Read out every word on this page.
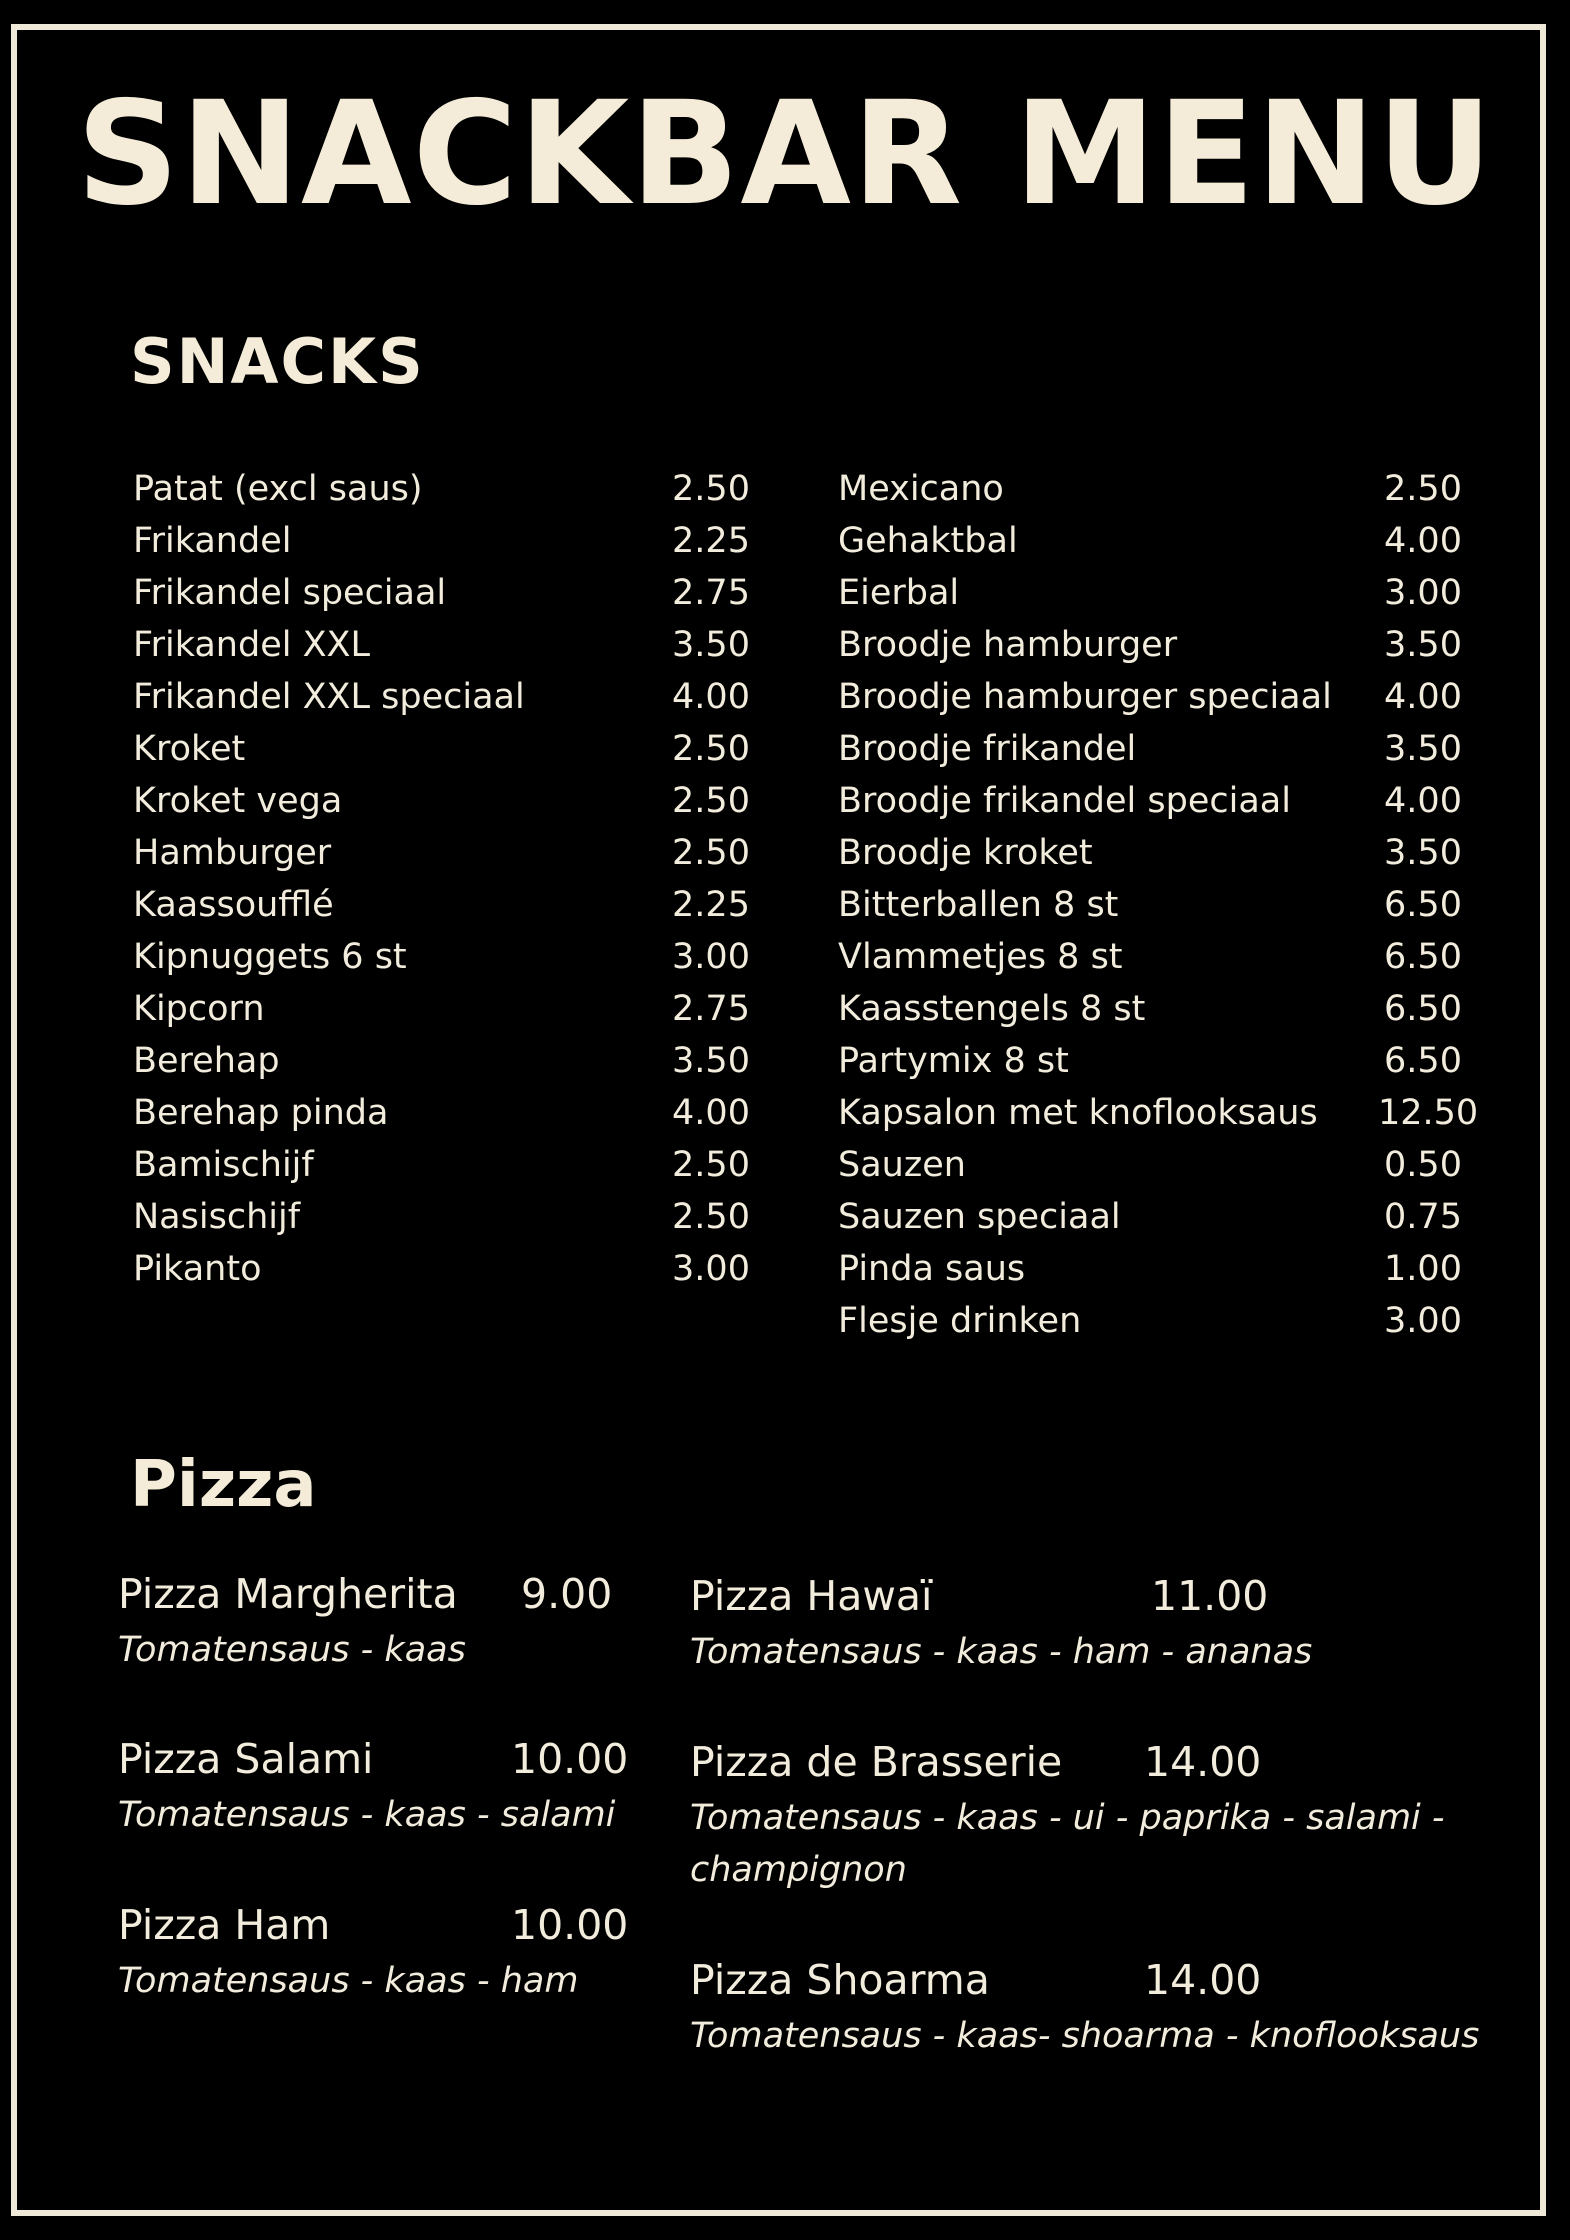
SNACKBAR MENU
SNACKS
Patat (excl saus)	2.50
Frikandel	2.25
Frikandel speciaal	2.75
Frikandel XXL	3.50
Frikandel XXL speciaal	4.00
Kroket	2.50
Kroket vega	2.50
Hamburger	2.50
Kaassoufflé	2.25
Kipnuggets 6 st	3.00
Kipcorn	2.75
Berehap	3.50
Berehap pinda	4.00
Bamischijf	2.50
Nasischijf	2.50
Pikanto	3.00
Mexicano	2.50
Gehaktbal	4.00
Eierbal	3.00
Broodje hamburger	3.50
Broodje hamburger speciaal 4.00
Broodje frikandel	3.50
Broodje frikandel speciaal	4.00
Broodje kroket	3.50
Bitterballen 8 st	6.50
Vlammetjes 8 st	6.50
Kaasstengels 8 st	6.50
Partymix 8 st	6.50
Kapsalon met knoflooksaus 12.50
Sauzen	0.50
Sauzen speciaal	0.75
Pinda saus	1.00
Flesje drinken	3.00
Pizza
Pizza Margherita 9.00
Tomatensaus - kaas
Pizza Salami	10.00
Tomatensaus - kaas - salami
Pizza Ham	10.00
Tomatensaus - kaas - ham
Pizza Hawaï	11.00
Tomatensaus - kaas - ham - ananas
Pizza de Brasserie 14.00
Tomatensaus - kaas - ui - paprika - salami - champignon
Pizza Shoarma	14.00
Tomatensaus - kaas- shoarma - knoflooksaus
